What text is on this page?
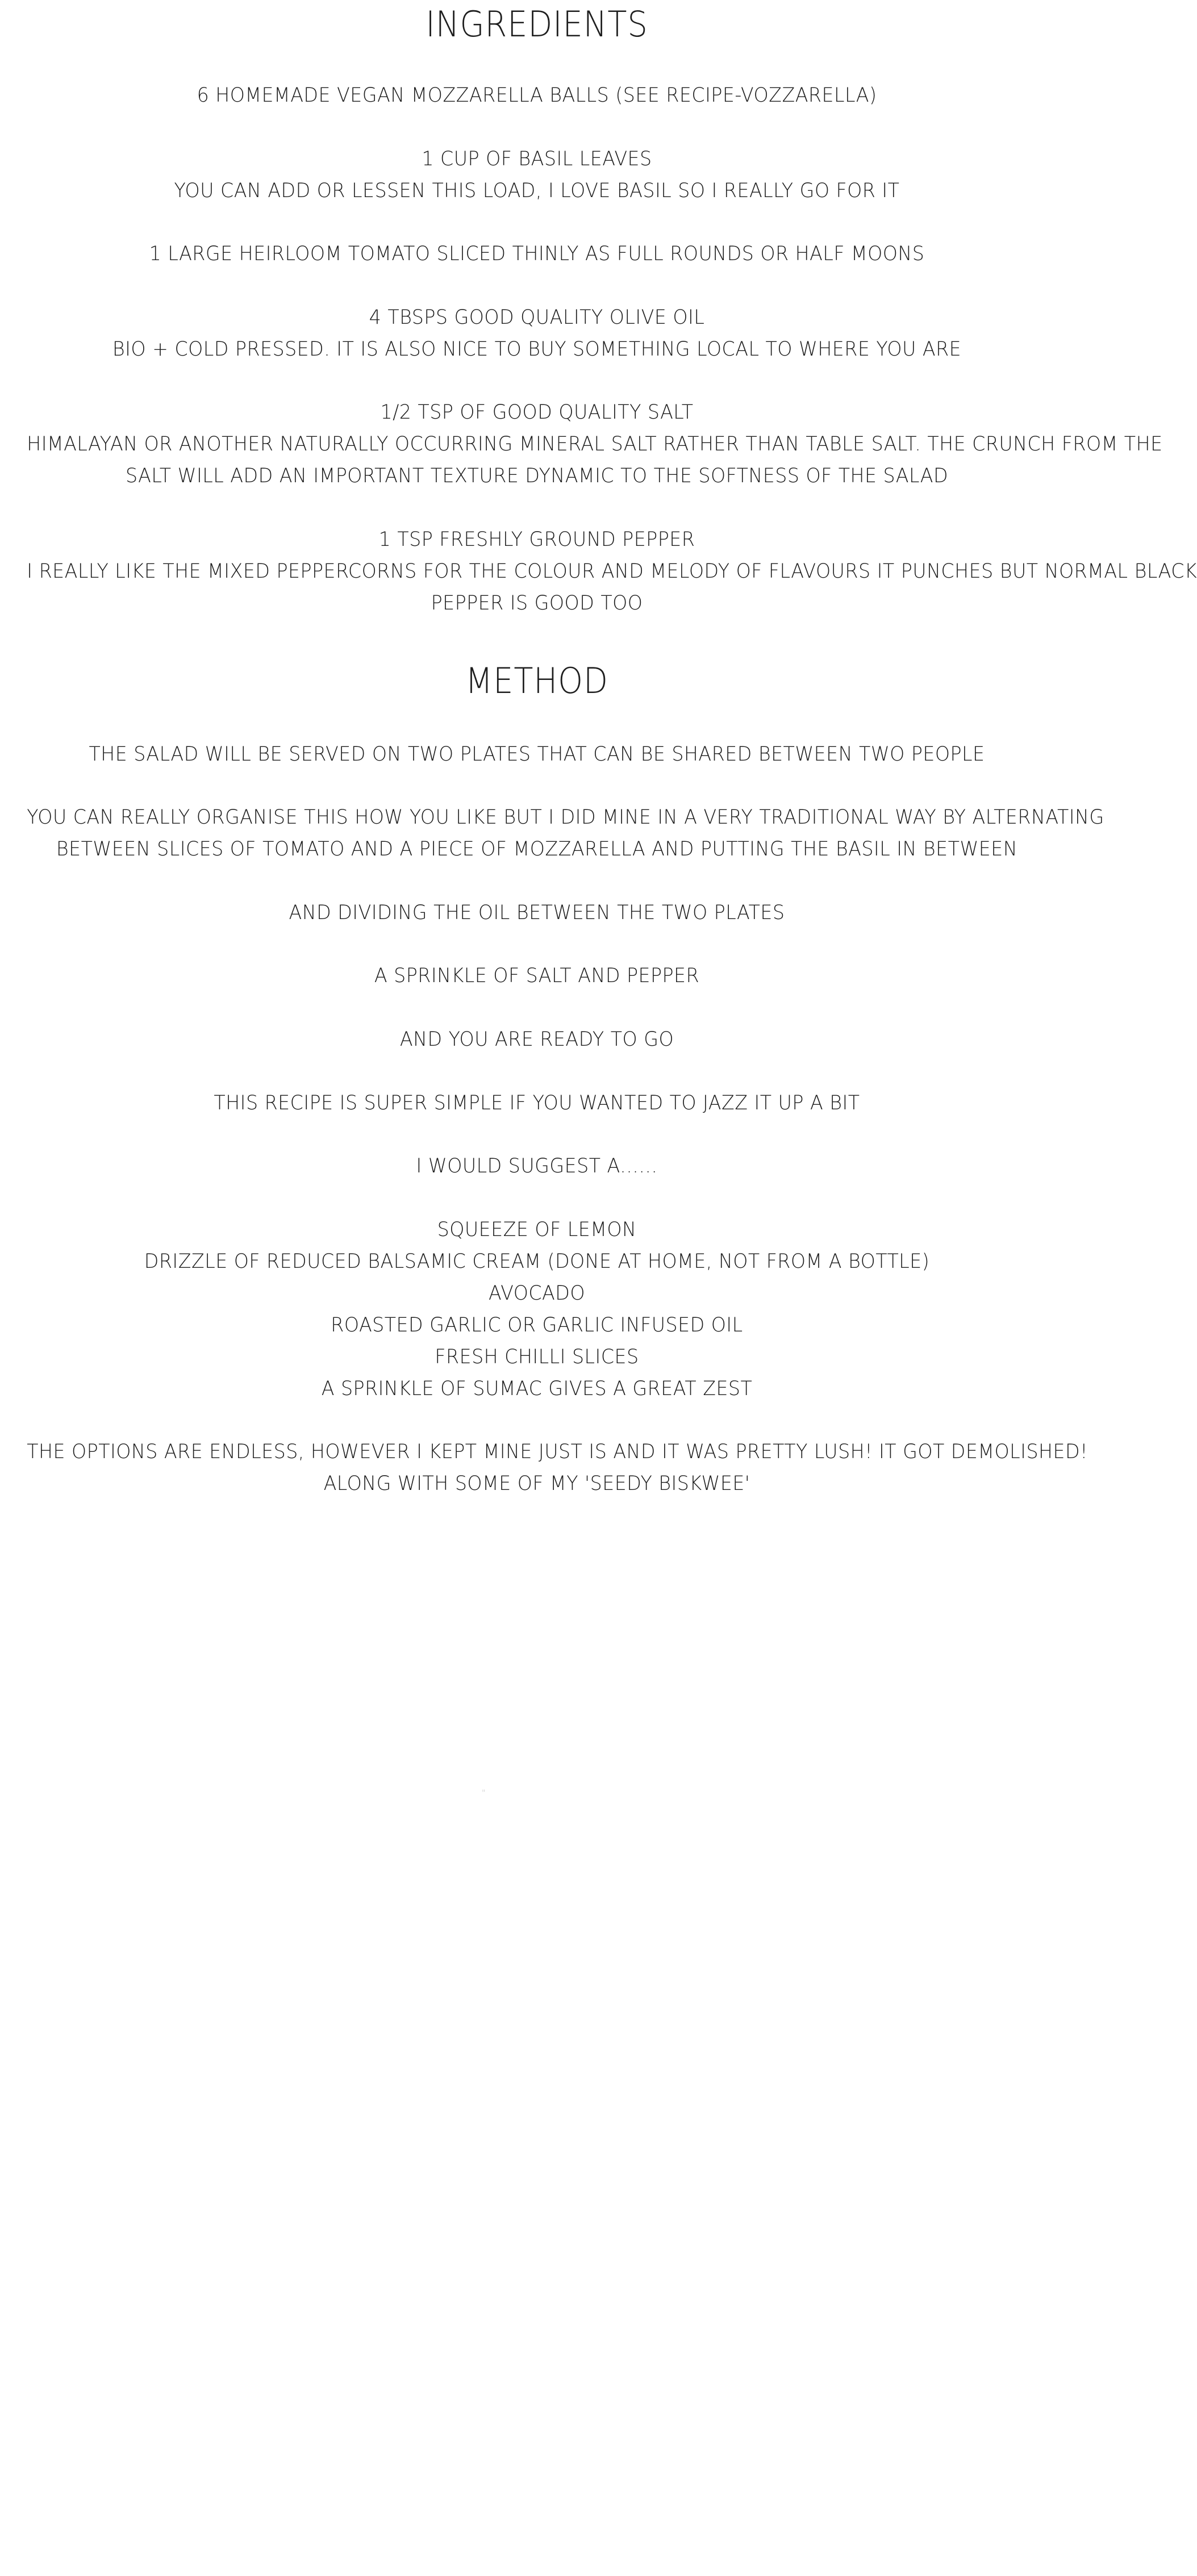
INGREDIENTS

6 HOMEMADE VEGAN MOZZARELLA BALLS (SEE RECIPE-VOZZARELLA)

1 CUP OF BASIL LEAVES

YOU CAN ADD OR LESSEN THIS LOAD, I LOVE BASIL SO I REALLY GO FOR IT

1 LARGE HEIRLOOM TOMATO SLICED THINLY AS FULL ROUNDS OR HALF MOONS

4 TBSPS GOOD QUALITY OLIVE OIL

BIO + COLD PRESSED. IT IS ALSO NICE TO BUY SOMETHING LOCAL TO WHERE YOU ARE

1/2 TSP OF GOOD QUALITY SALT

HIMALAYAN OR ANOTHER NATURALLY OCCURRING MINERAL SALT RATHER THAN TABLE SALT. THE CRUNCH FROM THE

SALT WILL ADD AN IMPORTANT TEXTURE DYNAMIC TO THE SOFTNESS OF THE SALAD

1 TSP FRESHLY GROUND PEPPER

I REALLY LIKE THE MIXED PEPPERCORNS FOR THE COLOUR AND MELODY OF FLAVOURS IT PUNCHES BUT NORMAL BLACK

PEPPER IS GOOD TOO

METHOD

THE SALAD WILL BE SERVED ON TWO PLATES THAT CAN BE SHARED BETWEEN TWO PEOPLE

YOU CAN REALLY ORGANISE THIS HOW YOU LIKE BUT I DID MINE IN A VERY TRADITIONAL WAY BY ALTERNATING

BETWEEN SLICES OF TOMATO AND A PIECE OF MOZZARELLA AND PUTTING THE BASIL IN BETWEEN

AND DIVIDING THE OIL BETWEEN THE TWO PLATES

A SPRINKLE OF SALT AND PEPPER

AND YOU ARE READY TO GO

THIS RECIPE IS SUPER SIMPLE IF YOU WANTED TO JAZZ IT UP A BIT

I WOULD SUGGEST A......

SQUEEZE OF LEMON

DRIZZLE OF REDUCED BALSAMIC CREAM (DONE AT HOME, NOT FROM A BOTTLE)

AVOCADO

ROASTED GARLIC OR GARLIC INFUSED OIL

FRESH CHILLI SLICES

A SPRINKLE OF SUMAC GIVES A GREAT ZEST

THE OPTIONS ARE ENDLESS, HOWEVER I KEPT MINE JUST IS AND IT WAS PRETTY LUSH! IT GOT DEMOLISHED!

ALONG WITH SOME OF MY 'SEEDY BISKWEE'

"
